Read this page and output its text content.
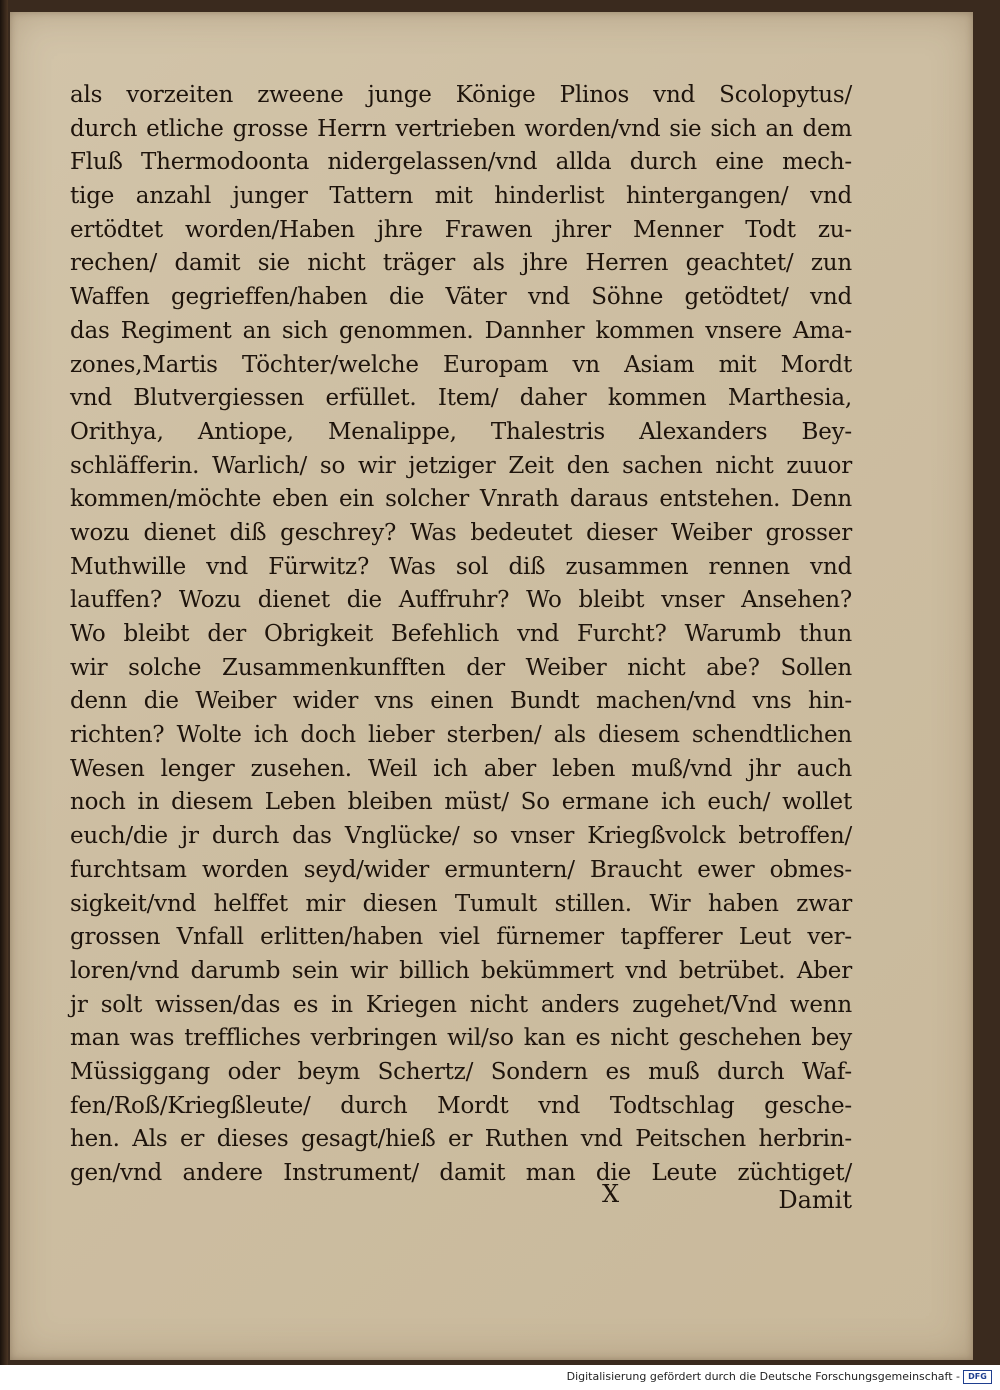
als vorzeiten zweene junge Könige Plinos vnd Scolopytus/
durch etliche grosse Herrn vertrieben worden/vnd sie sich an dem
Fluß Thermodoonta nidergelassen/vnd allda durch eine mech-
tige anzahl junger Tattern mit hinderlist hintergangen/ vnd
ertödtet worden/Haben jhre Frawen jhrer Menner Todt zu-
rechen/ damit sie nicht träger als jhre Herren geachtet/ zun
Waffen gegrieffen/haben die Väter vnd Söhne getödtet/ vnd
das Regiment an sich genommen. Dannher kommen vnsere Ama-
zones,Martis Töchter/welche Europam vn Asiam mit Mordt
vnd Blutvergiessen erfüllet. Item/ daher kommen Marthesia,
Orithya, Antiope, Menalippe, Thalestris Alexanders Bey-
schläfferin. Warlich/ so wir jetziger Zeit den sachen nicht zuuor
kommen/möchte eben ein solcher Vnrath daraus entstehen. Denn
wozu dienet diß geschrey? Was bedeutet dieser Weiber grosser
Muthwille vnd Fürwitz? Was sol diß zusammen rennen vnd
lauffen? Wozu dienet die Auffruhr? Wo bleibt vnser Ansehen?
Wo bleibt der Obrigkeit Befehlich vnd Furcht? Warumb thun
wir solche Zusammenkunfften der Weiber nicht abe? Sollen
denn die Weiber wider vns einen Bundt machen/vnd vns hin-
richten? Wolte ich doch lieber sterben/ als diesem schendtlichen
Wesen lenger zusehen. Weil ich aber leben muß/vnd jhr auch
noch in diesem Leben bleiben müst/ So ermane ich euch/ wollet
euch/die jr durch das Vnglücke/ so vnser Kriegßvolck betroffen/
furchtsam worden seyd/wider ermuntern/ Braucht ewer obmes-
sigkeit/vnd helffet mir diesen Tumult stillen. Wir haben zwar
grossen Vnfall erlitten/haben viel fürnemer tapfferer Leut ver-
loren/vnd darumb sein wir billich bekümmert vnd betrübet. Aber
jr solt wissen/das es in Kriegen nicht anders zugehet/Vnd wenn
man was treffliches verbringen wil/so kan es nicht geschehen bey
Müssiggang oder beym Schertz/ Sondern es muß durch Waf-
fen/Roß/Kriegßleute/ durch Mordt vnd Todtschlag gesche-
hen. Als er dieses gesagt/hieß er Ruthen vnd Peitschen herbrin-
gen/vnd andere Instrument/ damit man die Leute züchtiget/
X	Damit
Digitalisierung gefördert durch die Deutsche Forschungsgemeinschaft -	DFG
